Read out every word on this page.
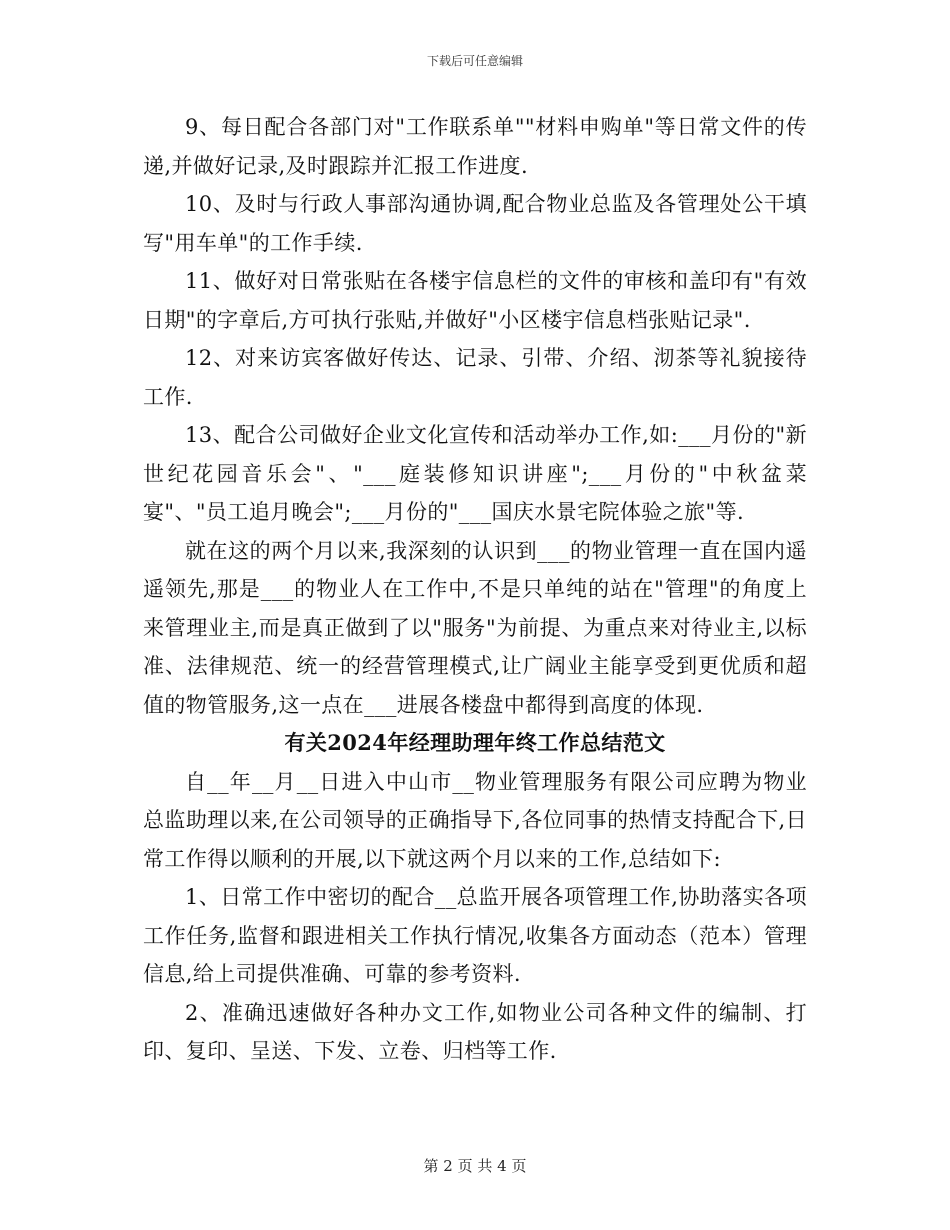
下载后可任意编辑

9、每日配合各部门对"工作联系单""材料申购单"等日常文件的传递,并做好记录,及时跟踪并汇报工作进度.

10、及时与行政人事部沟通协调,配合物业总监及各管理处公干填写"用车单"的工作手续.

11、做好对日常张贴在各楼宇信息栏的文件的审核和盖印有"有效日期"的字章后,方可执行张贴,并做好"小区楼宇信息档张贴记录".

12、对来访宾客做好传达、记录、引带、介绍、沏茶等礼貌接待工作.

13、配合公司做好企业文化宣传和活动举办工作,如:___月份的"新世纪花园音乐会"、"___庭装修知识讲座";___月份的"中秋盆菜宴"、"员工追月晚会";___月份的"___国庆水景宅院体验之旅"等.

就在这的两个月以来,我深刻的认识到___的物业管理一直在国内遥遥领先,那是___的物业人在工作中,不是只单纯的站在"管理"的角度上来管理业主,而是真正做到了以"服务"为前提、为重点来对待业主,以标准、法律规范、统一的经营管理模式,让广阔业主能享受到更优质和超值的物管服务,这一点在___进展各楼盘中都得到高度的体现.

有关2024年经理助理年终工作总结范文

自__年__月__日进入中山市__物业管理服务有限公司应聘为物业总监助理以来,在公司领导的正确指导下,各位同事的热情支持配合下,日常工作得以顺利的开展,以下就这两个月以来的工作,总结如下:

1、日常工作中密切的配合__总监开展各项管理工作,协助落实各项工作任务,监督和跟进相关工作执行情况,收集各方面动态（范本）管理信息,给上司提供准确、可靠的参考资料.

2、准确迅速做好各种办文工作,如物业公司各种文件的编制、打印、复印、呈送、下发、立卷、归档等工作.

第 2 页 共 4 页
